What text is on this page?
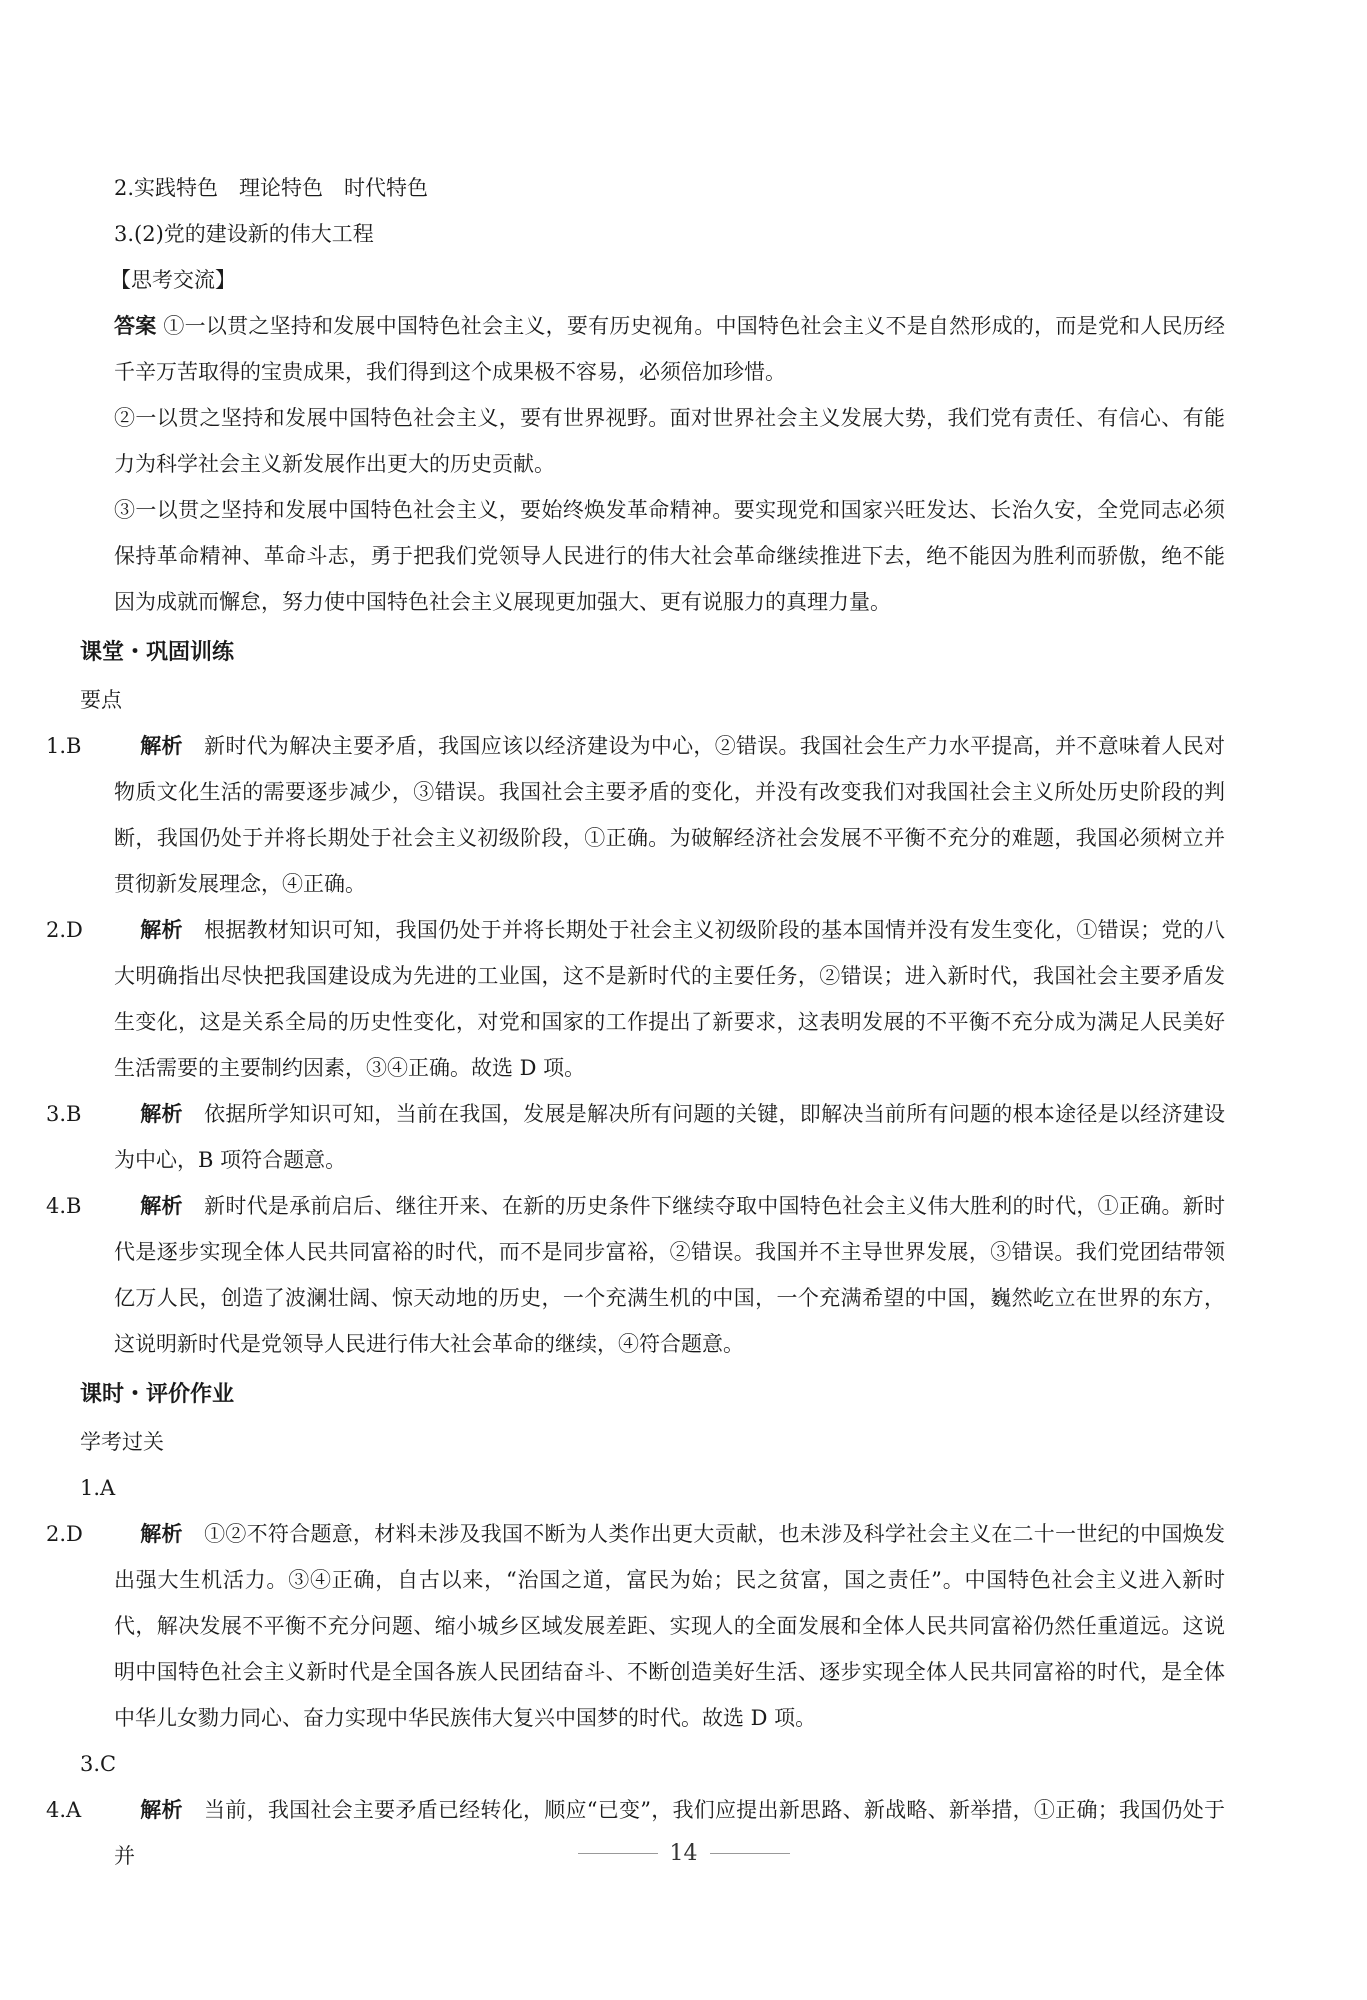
2.实践特色　理论特色　时代特色
3.(2)党的建设新的伟大工程
【思考交流】
答案 ①一以贯之坚持和发展中国特色社会主义，要有历史视角。中国特色社会主义不是自然形成的，而是党和人民历经千辛万苦取得的宝贵成果，我们得到这个成果极不容易，必须倍加珍惜。
②一以贯之坚持和发展中国特色社会主义，要有世界视野。面对世界社会主义发展大势，我们党有责任、有信心、有能力为科学社会主义新发展作出更大的历史贡献。
③一以贯之坚持和发展中国特色社会主义，要始终焕发革命精神。要实现党和国家兴旺发达、长治久安，全党同志必须保持革命精神、革命斗志，勇于把我们党领导人民进行的伟大社会革命继续推进下去，绝不能因为胜利而骄傲，绝不能因为成就而懈怠，努力使中国特色社会主义展现更加强大、更有说服力的真理力量。
课堂・巩固训练
要点
1.B	解析　 新时代为解决主要矛盾，我国应该以经济建设为中心，②错误。我国社会生产力水平提高，并不意味着人民对物质文化生活的需要逐步减少，③错误。我国社会主要矛盾的变化，并没有改变我们对我国社会主义所处历史阶段的判断，我国仍处于并将长期处于社会主义初级阶段，①正确。为破解经济社会发展不平衡不充分的难题，我国必须树立并贯彻新发展理念，④正确。
2.D	解析　 根据教材知识可知，我国仍处于并将长期处于社会主义初级阶段的基本国情并没有发生变化，①错误；党的八大明确指出尽快把我国建设成为先进的工业国，这不是新时代的主要任务，②错误；进入新时代，我国社会主要矛盾发生变化，这是关系全局的历史性变化，对党和国家的工作提出了新要求，这表明发展的不平衡不充分成为满足人民美好生活需要的主要制约因素，③④正确。故选 D 项。
3.B	解析　 依据所学知识可知，当前在我国，发展是解决所有问题的关键，即解决当前所有问题的根本途径是以经济建设为中心，B 项符合题意。
4.B	解析　 新时代是承前启后、继往开来、在新的历史条件下继续夺取中国特色社会主义伟大胜利的时代，①正确。新时代是逐步实现全体人民共同富裕的时代，而不是同步富裕，②错误。我国并不主导世界发展，③错误。我们党团结带领亿万人民，创造了波澜壮阔、惊天动地的历史，一个充满生机的中国，一个充满希望的中国，巍然屹立在世界的东方，这说明新时代是党领导人民进行伟大社会革命的继续，④符合题意。
课时・评价作业
学考过关
1.A
2.D	解析　 ①②不符合题意，材料未涉及我国不断为人类作出更大贡献，也未涉及科学社会主义在二十一世纪的中国焕发出强大生机活力。③④正确，自古以来，“治国之道，富民为始；民之贫富，国之责任”。中国特色社会主义进入新时代，解决发展不平衡不充分问题、缩小城乡区域发展差距、实现人的全面发展和全体人民共同富裕仍然任重道远。这说明中国特色社会主义新时代是全国各族人民团结奋斗、不断创造美好生活、逐步实现全体人民共同富裕的时代，是全体中华儿女勠力同心、奋力实现中华民族伟大复兴中国梦的时代。故选 D 项。
3.C
4.A	解析　 当前，我国社会主要矛盾已经转化，顺应“已变”，我们应提出新思路、新战略、新举措，①正确；我国仍处于并	14
